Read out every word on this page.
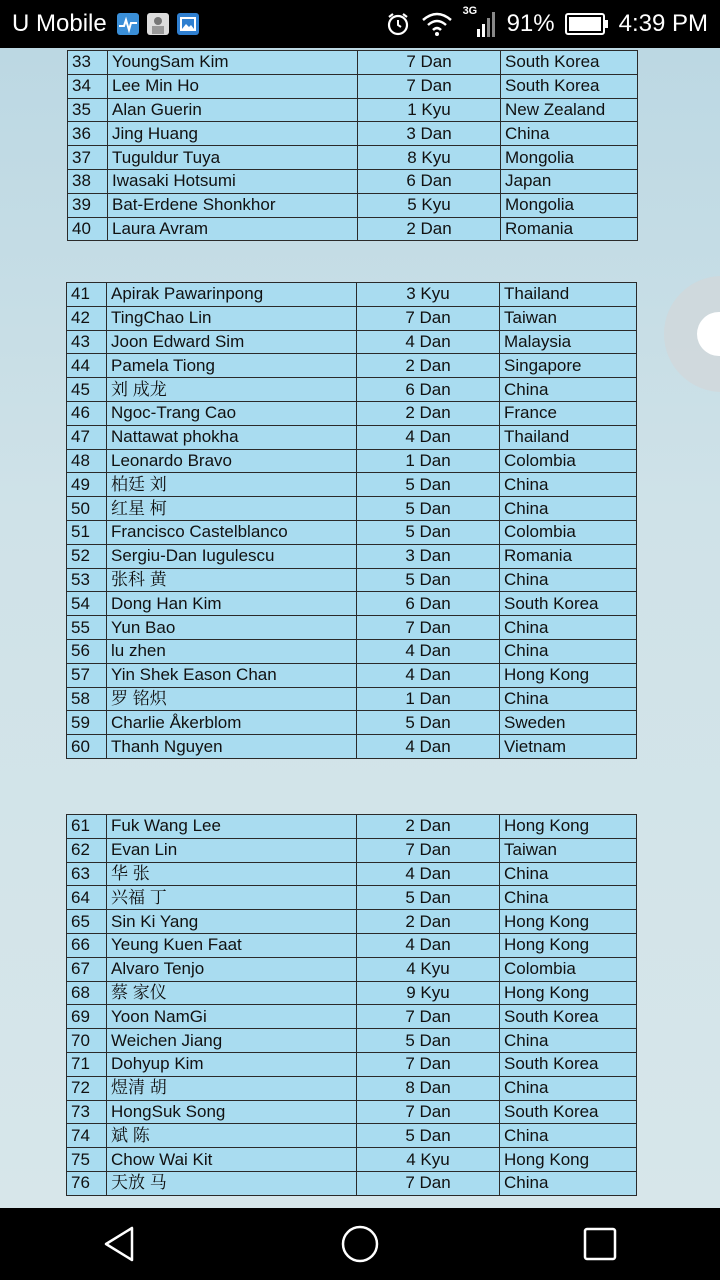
U Mobile	3G 91%	4:39 PM
33	YoungSam Kim	7 Dan	South Korea
34	Lee Min Ho	7 Dan	South Korea
35	Alan Guerin	1 Kyu	New Zealand
36	Jing Huang	3 Dan	China
37	Tuguldur Tuya	8 Kyu	Mongolia
38	Iwasaki Hotsumi	6 Dan	Japan
39	Bat-Erdene Shonkhor	5 Kyu	Mongolia
40	Laura Avram	2 Dan	Romania
41	Apirak Pawarinpong	3 Kyu	Thailand
42	TingChao Lin	7 Dan	Taiwan
43	Joon Edward Sim	4 Dan	Malaysia
44	Pamela Tiong	2 Dan	Singapore
45	刘 成龙	6 Dan	China
46	Ngoc-Trang Cao	2 Dan	France
47	Nattawat phokha	4 Dan	Thailand
48	Leonardo Bravo	1 Dan	Colombia
49	柏廷 刘	5 Dan	China
50	红星 柯	5 Dan	China
51	Francisco Castelblanco	5 Dan	Colombia
52	Sergiu-Dan Iugulescu	3 Dan	Romania
53	张科 黄	5 Dan	China
54	Dong Han Kim	6 Dan	South Korea
55	Yun Bao	7 Dan	China
56	lu zhen	4 Dan	China
57	Yin Shek Eason Chan	4 Dan	Hong Kong
58	罗 铭炽	1 Dan	China
59	Charlie Åkerblom	5 Dan	Sweden
60	Thanh Nguyen	4 Dan	Vietnam
61	Fuk Wang Lee	2 Dan	Hong Kong
62	Evan Lin	7 Dan	Taiwan
63	华 张	4 Dan	China
64	兴福 丁	5 Dan	China
65	Sin Ki Yang	2 Dan	Hong Kong
66	Yeung Kuen Faat	4 Dan	Hong Kong
67	Alvaro Tenjo	4 Kyu	Colombia
68	蔡 家仪	9 Kyu	Hong Kong
69	Yoon NamGi	7 Dan	South Korea
70	Weichen Jiang	5 Dan	China
71	Dohyup Kim	7 Dan	South Korea
72	煜清 胡	8 Dan	China
73	HongSuk Song	7 Dan	South Korea
74	斌 陈	5 Dan	China
75	Chow Wai Kit	4 Kyu	Hong Kong
76	天放 马	7 Dan	China
